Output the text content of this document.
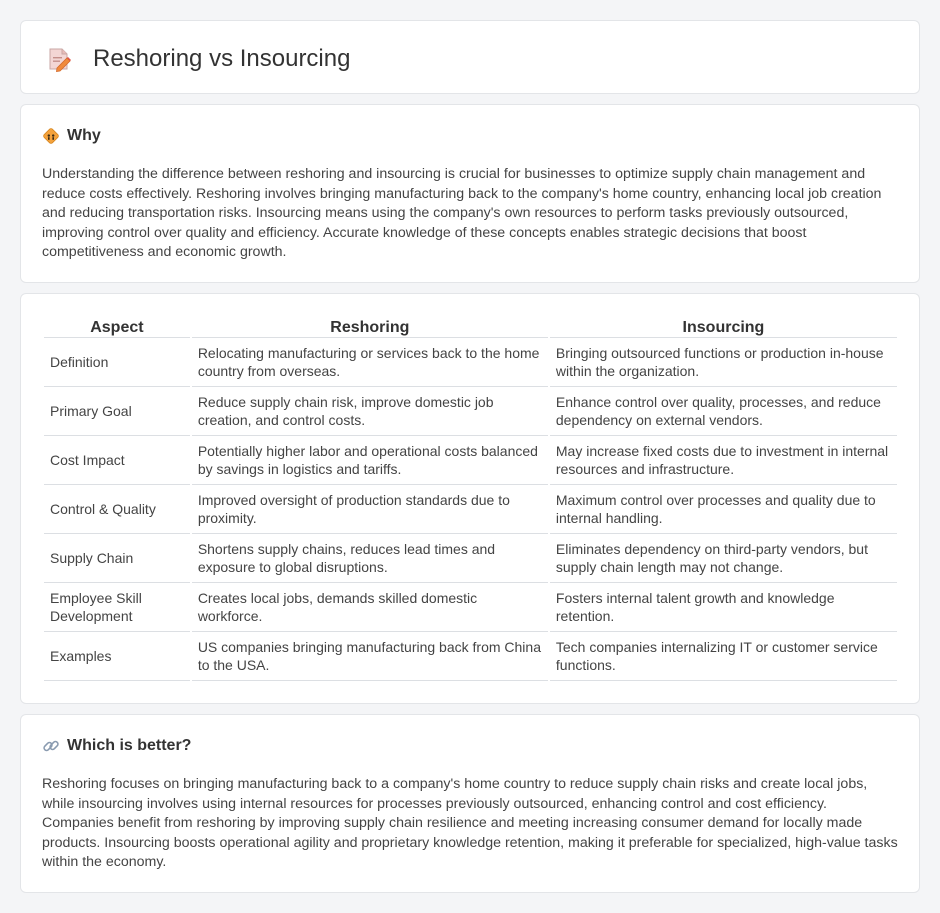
Reshoring vs Insourcing
Why

Understanding the difference between reshoring and insourcing is crucial for businesses to optimize supply chain management and reduce costs effectively. Reshoring involves bringing manufacturing back to the company's home country, enhancing local job creation and reducing transportation risks. Insourcing means using the company's own resources to perform tasks previously outsourced, improving control over quality and efficiency. Accurate knowledge of these concepts enables strategic decisions that boost competitiveness and economic growth.

Aspect	Reshoring	Insourcing
Definition	Relocating manufacturing or services back to the home country from overseas.	Bringing outsourced functions or production in-house within the organization.
Primary Goal	Reduce supply chain risk, improve domestic job creation, and control costs.	Enhance control over quality, processes, and reduce dependency on external vendors.
Cost Impact	Potentially higher labor and operational costs balanced by savings in logistics and tariffs.	May increase fixed costs due to investment in internal resources and infrastructure.
Control & Quality	Improved oversight of production standards due to proximity.	Maximum control over processes and quality due to internal handling.
Supply Chain	Shortens supply chains, reduces lead times and exposure to global disruptions.	Eliminates dependency on third-party vendors, but supply chain length may not change.
Employee Skill Development	Creates local jobs, demands skilled domestic workforce.	Fosters internal talent growth and knowledge retention.
Examples	US companies bringing manufacturing back from China to the USA.	Tech companies internalizing IT or customer service functions.
Which is better?

Reshoring focuses on bringing manufacturing back to a company's home country to reduce supply chain risks and create local jobs, while insourcing involves using internal resources for processes previously outsourced, enhancing control and cost efficiency. Companies benefit from reshoring by improving supply chain resilience and meeting increasing consumer demand for locally made products. Insourcing boosts operational agility and proprietary knowledge retention, making it preferable for specialized, high-value tasks within the economy.
